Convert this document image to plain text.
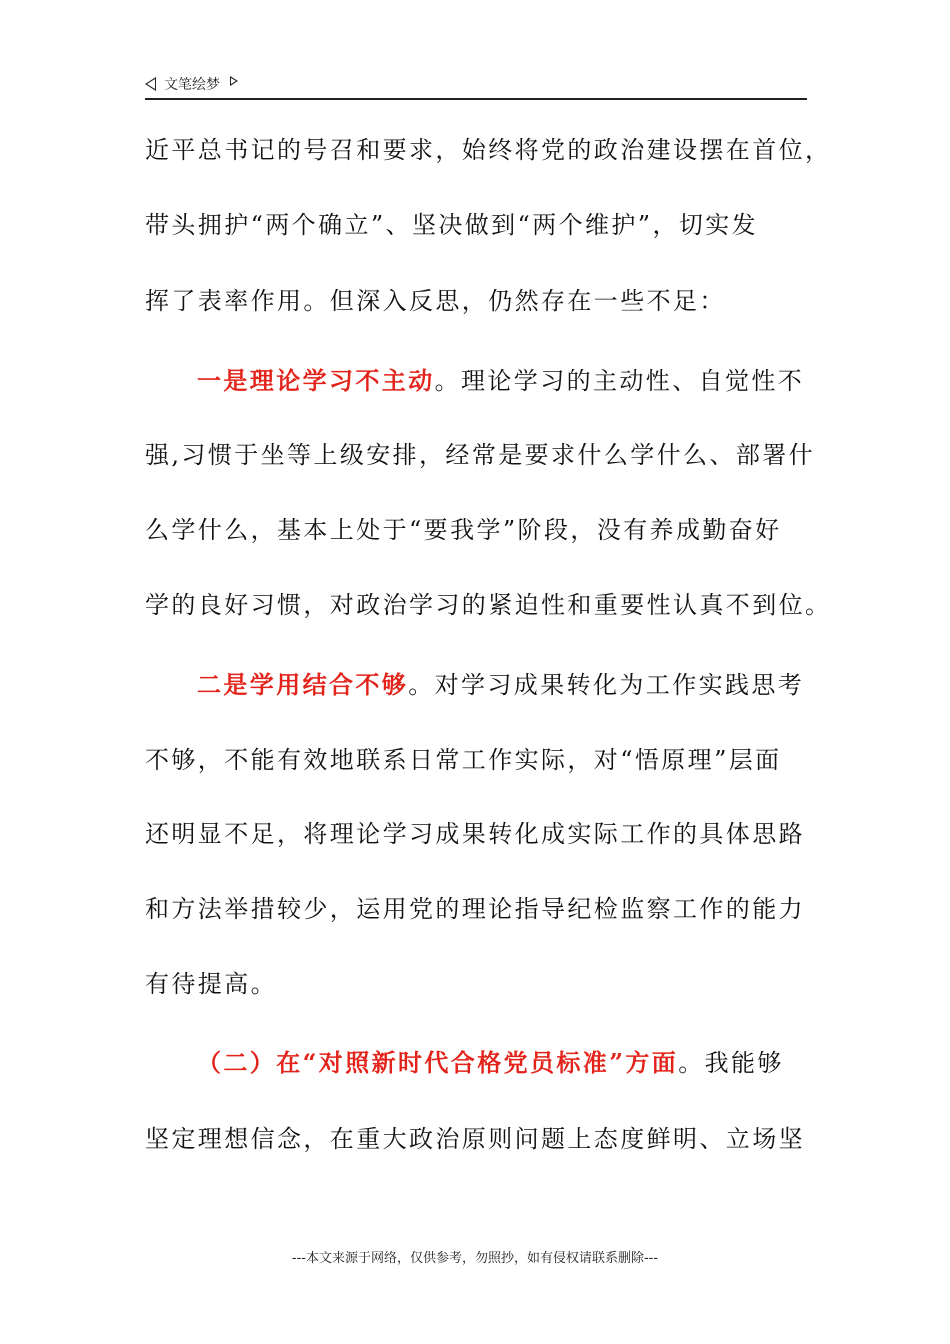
文笔绘梦
近平总书记的号召和要求，始终将党的政治建设摆在首位，
带头拥护“两个确立”、坚决做到“两个维护”，切实发
挥了表率作用。但深入反思，仍然存在一些不足：
一是理论学习不主动。理论学习的主动性、自觉性不
强,习惯于坐等上级安排，经常是要求什么学什么、部署什
么学什么，基本上处于“要我学”阶段，没有养成勤奋好
学的良好习惯，对政治学习的紧迫性和重要性认真不到位。
二是学用结合不够。对学习成果转化为工作实践思考
不够，不能有效地联系日常工作实际，对“悟原理”层面
还明显不足，将理论学习成果转化成实际工作的具体思路
和方法举措较少，运用党的理论指导纪检监察工作的能力
有待提高。
（二）在“对照新时代合格党员标准”方面。我能够
坚定理想信念，在重大政治原则问题上态度鲜明、立场坚
---本文来源于网络，仅供参考，勿照抄，如有侵权请联系删除---
